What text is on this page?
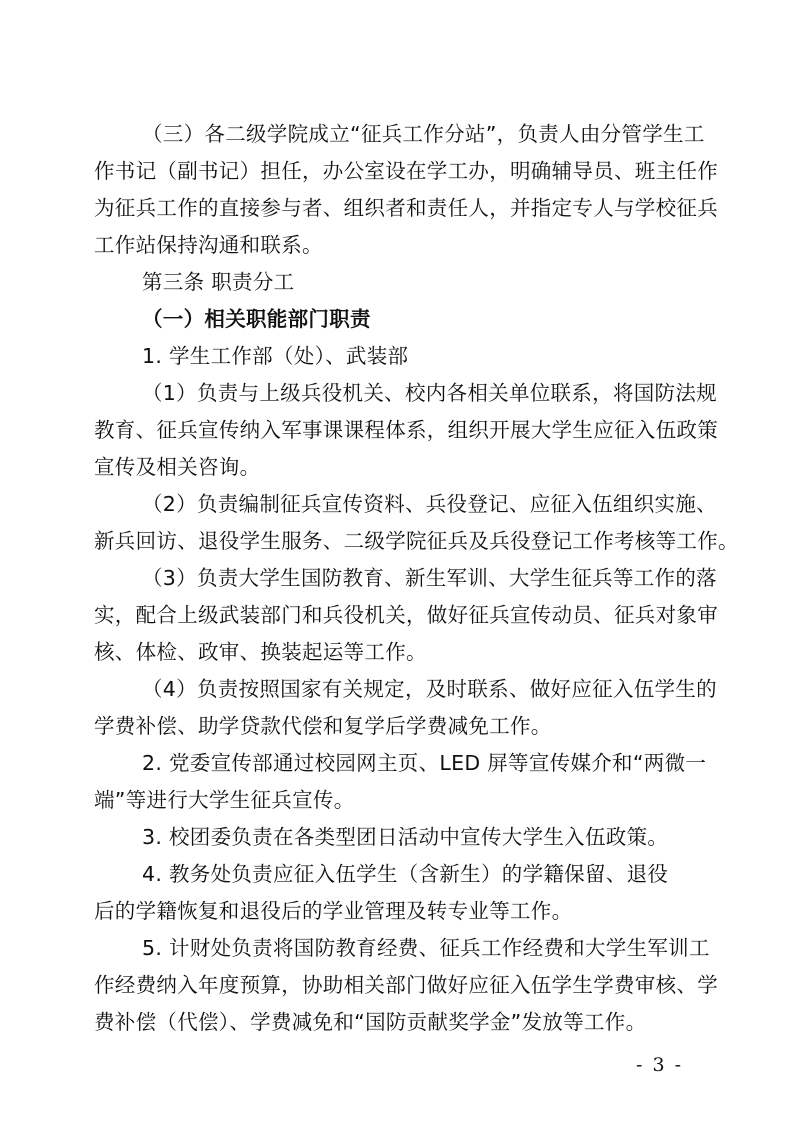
（三）各二级学院成立“征兵工作分站”，负责人由分管学生工
作书记（副书记）担任，办公室设在学工办，明确辅导员、班主任作
为征兵工作的直接参与者、组织者和责任人，并指定专人与学校征兵
工作站保持沟通和联系。
第三条 职责分工
（一）相关职能部门职责
1. 学生工作部（处）、武装部
（1）负责与上级兵役机关、校内各相关单位联系，将国防法规
教育、征兵宣传纳入军事课课程体系，组织开展大学生应征入伍政策
宣传及相关咨询。
（2）负责编制征兵宣传资料、兵役登记、应征入伍组织实施、
新兵回访、退役学生服务、二级学院征兵及兵役登记工作考核等工作。
（3）负责大学生国防教育、新生军训、大学生征兵等工作的落
实，配合上级武装部门和兵役机关，做好征兵宣传动员、征兵对象审
核、体检、政审、换装起运等工作。
（4）负责按照国家有关规定，及时联系、做好应征入伍学生的
学费补偿、助学贷款代偿和复学后学费减免工作。
2. 党委宣传部通过校园网主页、LED 屏等宣传媒介和“两微一
端”等进行大学生征兵宣传。
3. 校团委负责在各类型团日活动中宣传大学生入伍政策。
4. 教务处负责应征入伍学生（含新生）的学籍保留、退役
后的学籍恢复和退役后的学业管理及转专业等工作。
5. 计财处负责将国防教育经费、征兵工作经费和大学生军训工
作经费纳入年度预算，协助相关部门做好应征入伍学生学费审核、学
费补偿（代偿）、学费减免和“国防贡献奖学金”发放等工作。
- 3 -
